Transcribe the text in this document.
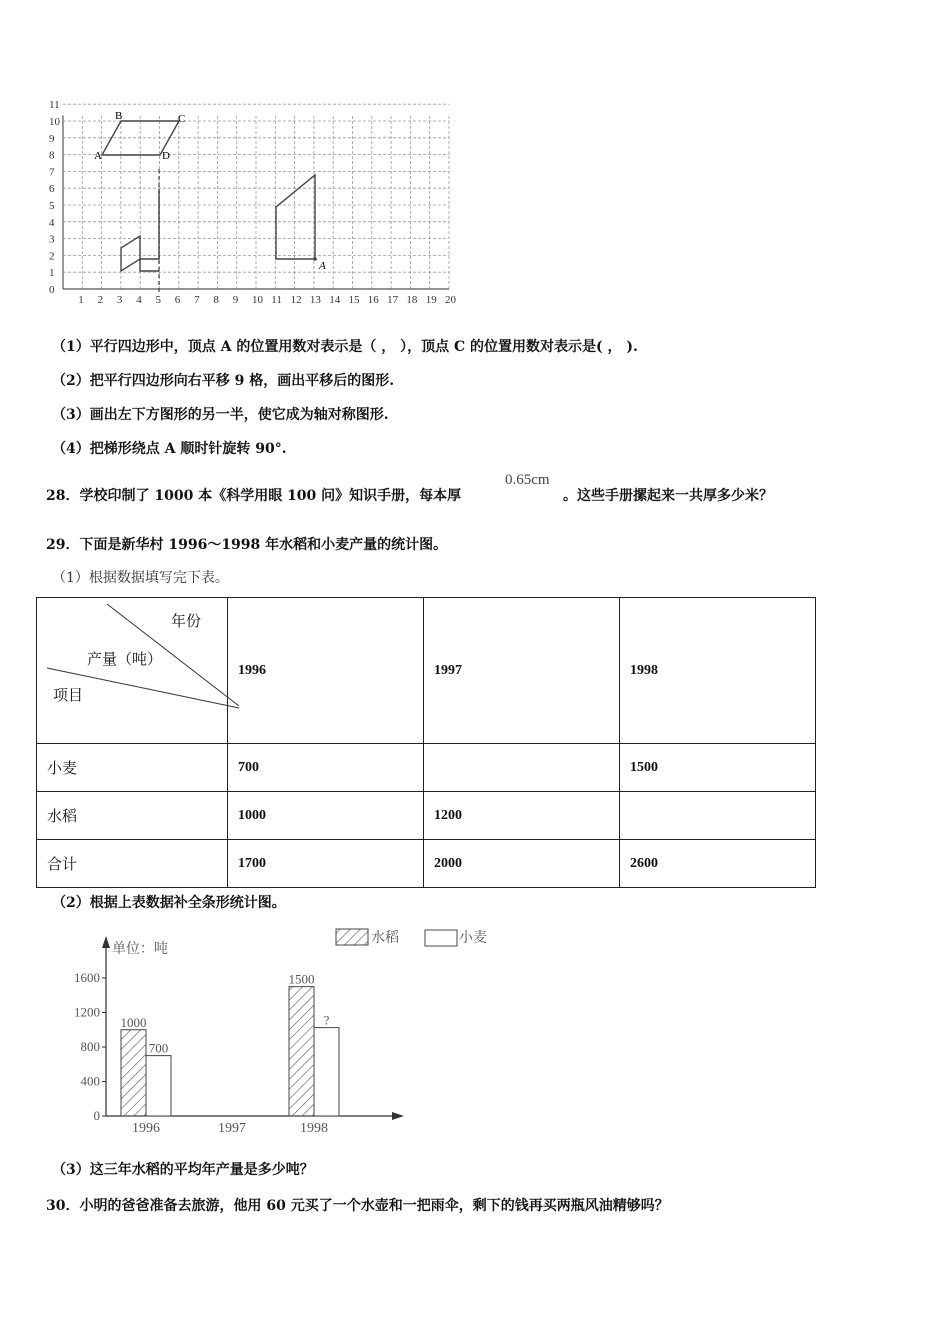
1 2 3 4 5 6 7 8 9 10 11 12 13 14 15 16 17 18 19 20
0
1
2
3
4
5
6
7
8
9
10
11
A
B	C
D
A
（1）平行四边形中，顶点 A 的位置用数对表示是（ ， ），顶点 C 的位置用数对表示是( ， ).
（2）把平行四边形向右平移 9 格，画出平移后的图形.
（3）画出左下方图形的另一半，使它成为轴对称图形.
（4）把梯形绕点 A 顺时针旋转 90°.
28．学校印制了 1000 本《科学用眼 100 问》知识手册，每本厚
0.65cm
。这些手册摞起来一共厚多少米？
29．下面是新华村 1996～1998 年水稻和小麦产量的统计图。
（1）根据数据填写完下表。
年份
产量（吨）
项目	1996	1997	1998
小麦	700		1500
水稻	1000	1200	
合计	1700	2000	2600
（2）根据上表数据补全条形统计图。
单位：吨
水稻
0
400
800
1200
1600
1000
1500
700
?
1996	1997	1998
小麦
（3）这三年水稻的平均年产量是多少吨？
30．小明的爸爸准备去旅游，他用 60 元买了一个水壶和一把雨伞，剩下的钱再买两瓶风油精够吗？
